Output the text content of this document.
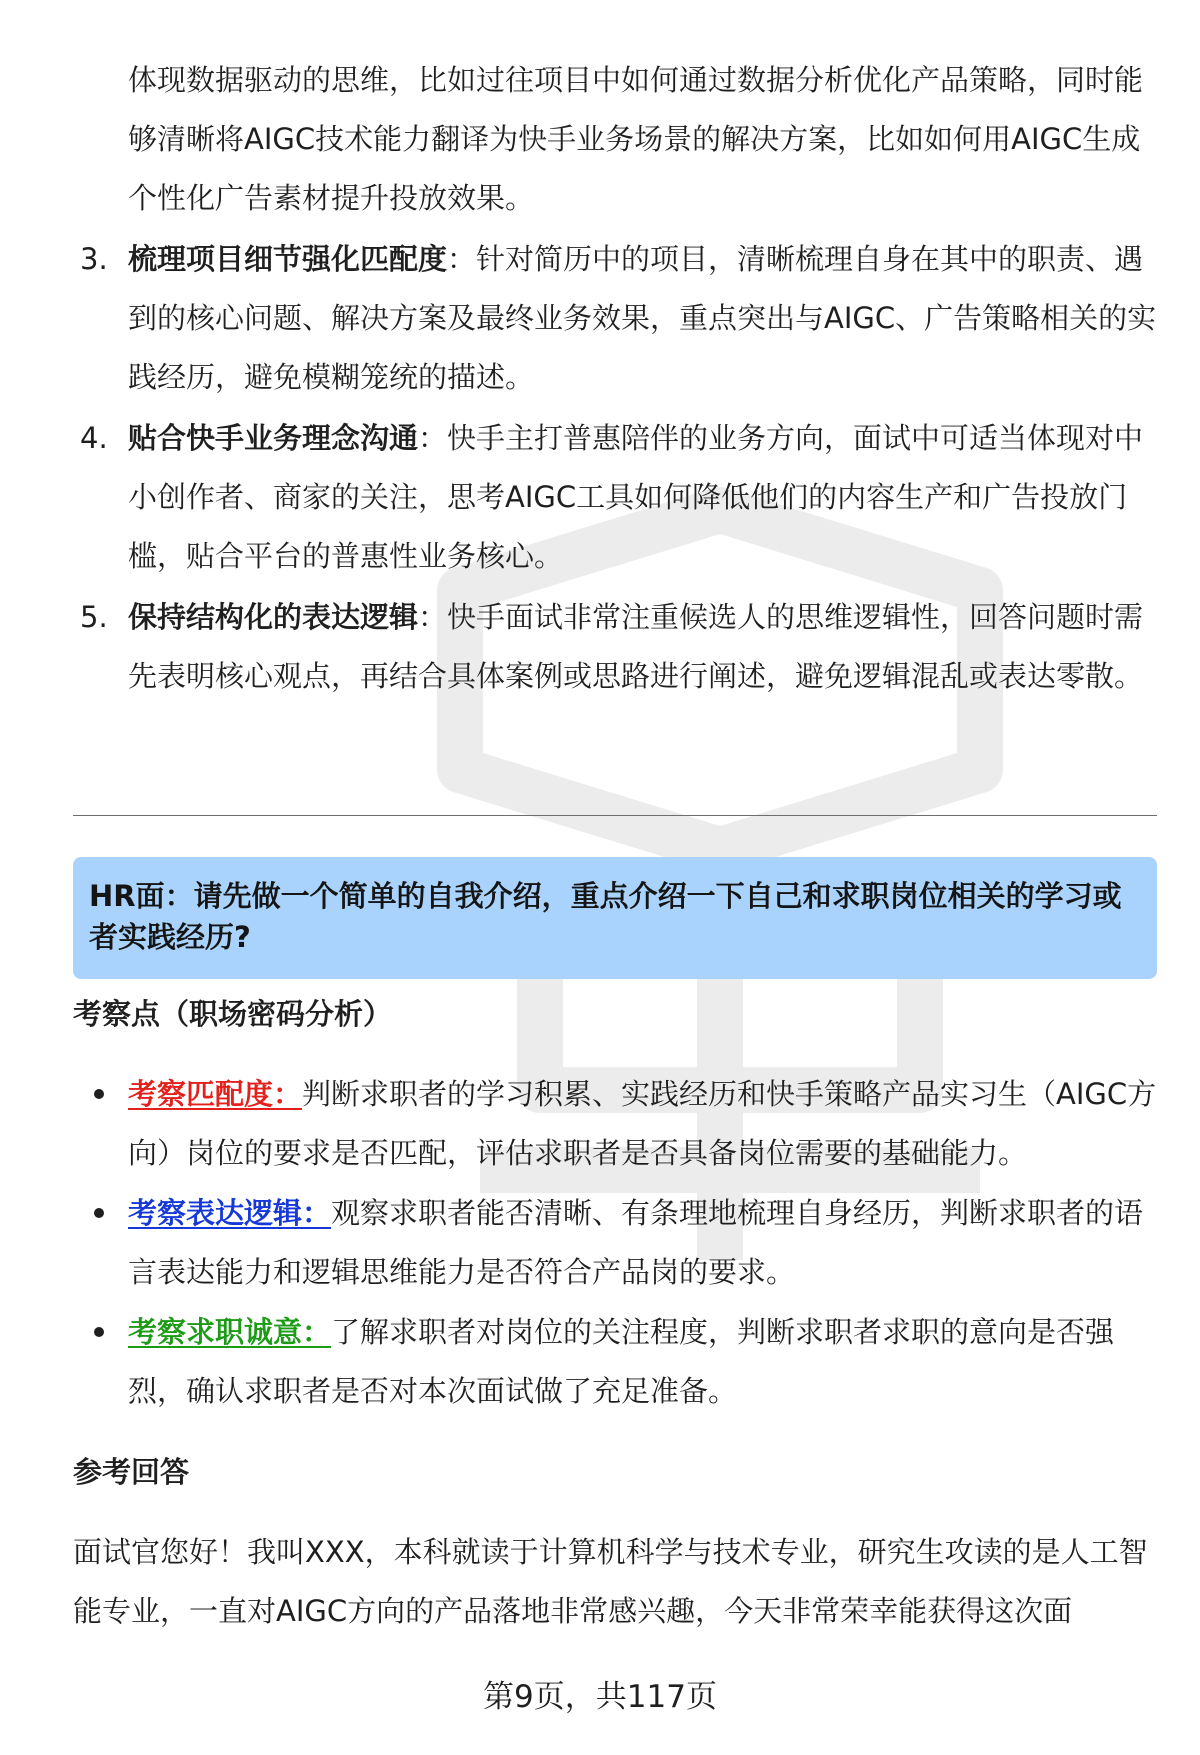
体现数据驱动的思维，比如过往项目中如何通过数据分析优化产品策略，同时能够清晰将AIGC技术能力翻译为快手业务场景的解决方案，比如如何用AIGC生成个性化广告素材提升投放效果。
3. 梳理项目细节强化匹配度：针对简历中的项目，清晰梳理自身在其中的职责、遇到的核心问题、解决方案及最终业务效果，重点突出与AIGC、广告策略相关的实践经历，避免模糊笼统的描述。
4. 贴合快手业务理念沟通：快手主打普惠陪伴的业务方向，面试中可适当体现对中小创作者、商家的关注，思考AIGC工具如何降低他们的内容生产和广告投放门槛，贴合平台的普惠性业务核心。
5. 保持结构化的表达逻辑：快手面试非常注重候选人的思维逻辑性，回答问题时需先表明核心观点，再结合具体案例或思路进行阐述，避免逻辑混乱或表达零散。
HR面：请先做一个简单的自我介绍，重点介绍一下自己和求职岗位相关的学习或者实践经历?
考察点（职场密码分析）
考察匹配度：判断求职者的学习积累、实践经历和快手策略产品实习生（AIGC方向）岗位的要求是否匹配，评估求职者是否具备岗位需要的基础能力。
考察表达逻辑：观察求职者能否清晰、有条理地梳理自身经历，判断求职者的语言表达能力和逻辑思维能力是否符合产品岗的要求。
考察求职诚意：了解求职者对岗位的关注程度，判断求职者求职的意向是否强烈，确认求职者是否对本次面试做了充足准备。
参考回答
面试官您好！我叫XXX，本科就读于计算机科学与技术专业，研究生攻读的是人工智能专业，一直对AIGC方向的产品落地非常感兴趣，今天非常荣幸能获得这次面
第9页，共117页
